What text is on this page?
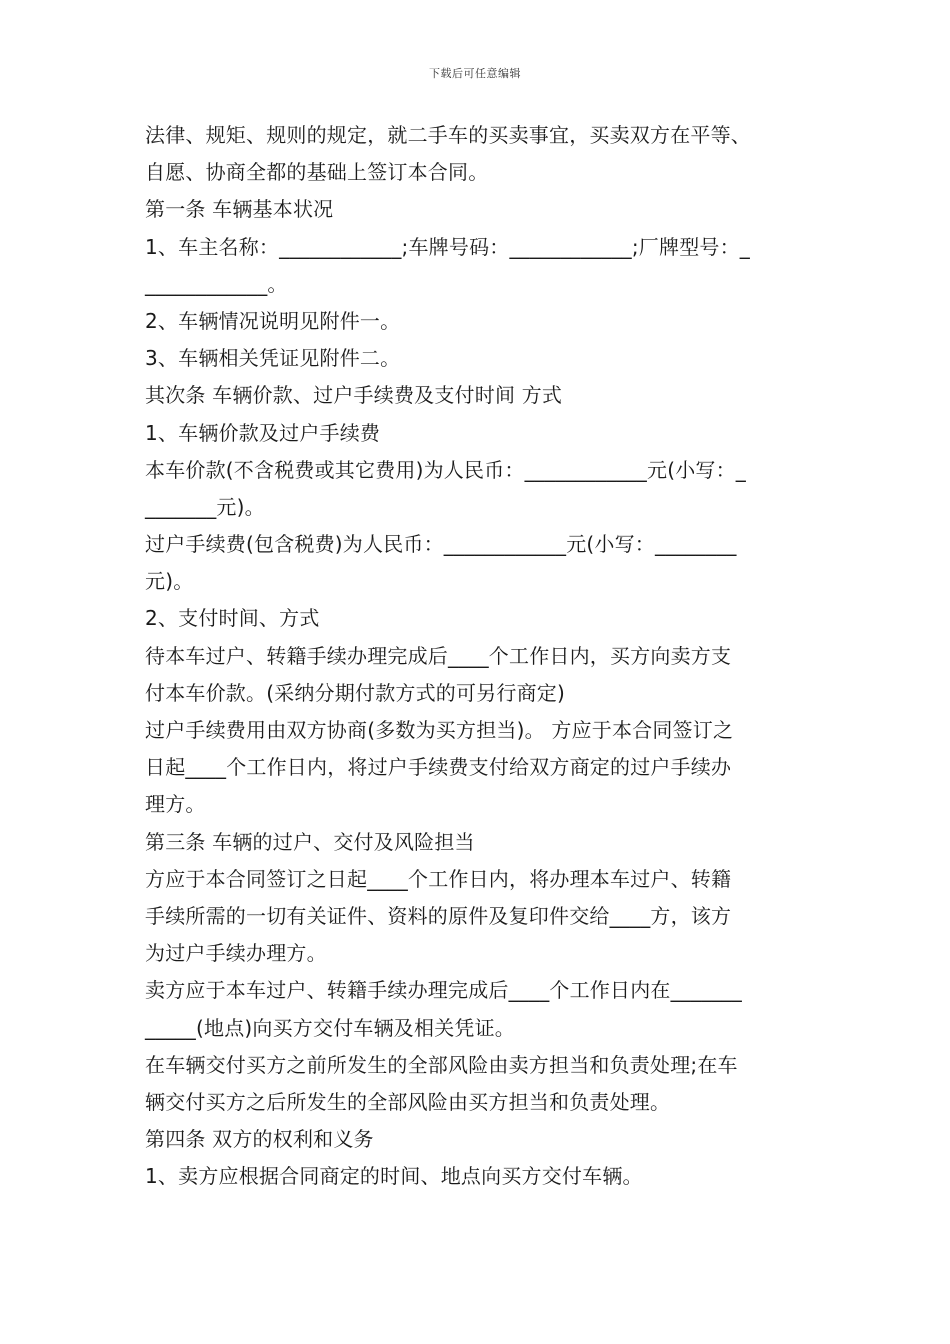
下载后可任意编辑
法律、规矩、规则的规定，就二手车的买卖事宜，买卖双方在平等、
自愿、协商全都的基础上签订本合同。
第一条 车辆基本状况
1、车主名称：____________;车牌号码：____________;厂牌型号：_
____________。
2、车辆情况说明见附件一。
3、车辆相关凭证见附件二。
其次条 车辆价款、过户手续费及支付时间 方式
1、车辆价款及过户手续费
本车价款(不含税费或其它费用)为人民币：____________元(小写：_
_______元)。
过户手续费(包含税费)为人民币：____________元(小写：________
元)。
2、支付时间、方式
待本车过户、转籍手续办理完成后____个工作日内，买方向卖方支
付本车价款。(采纳分期付款方式的可另行商定)
过户手续费用由双方协商(多数为买方担当)。 方应于本合同签订之
日起____个工作日内，将过户手续费支付给双方商定的过户手续办
理方。
第三条 车辆的过户、交付及风险担当
方应于本合同签订之日起____个工作日内，将办理本车过户、转籍
手续所需的一切有关证件、资料的原件及复印件交给____方，该方
为过户手续办理方。
卖方应于本车过户、转籍手续办理完成后____个工作日内在_______
_____(地点)向买方交付车辆及相关凭证。
在车辆交付买方之前所发生的全部风险由卖方担当和负责处理;在车
辆交付买方之后所发生的全部风险由买方担当和负责处理。
第四条 双方的权利和义务
1、卖方应根据合同商定的时间、地点向买方交付车辆。
